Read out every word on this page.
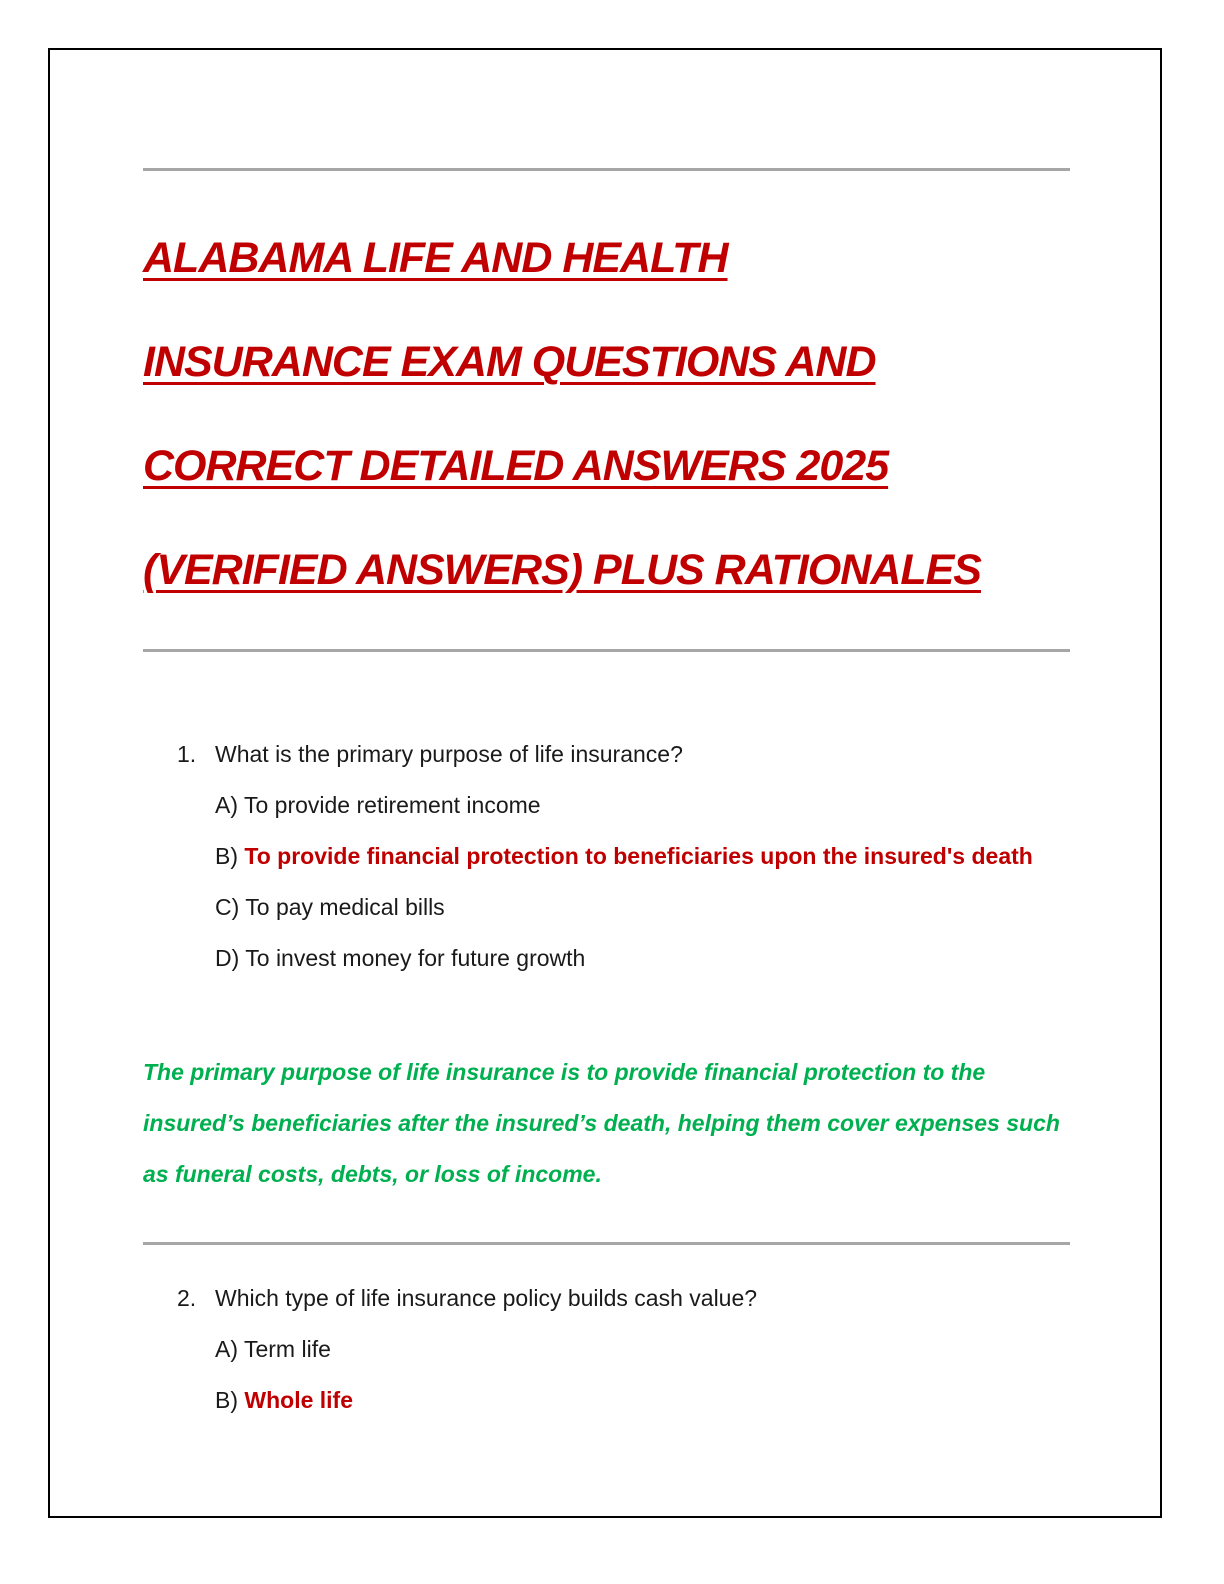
ALABAMA LIFE AND HEALTH
INSURANCE EXAM QUESTIONS AND
CORRECT DETAILED ANSWERS 2025
(VERIFIED ANSWERS) PLUS RATIONALES
1. What is the primary purpose of life insurance?
A) To provide retirement income
B) To provide financial protection to beneficiaries upon the insured's death
C) To pay medical bills
D) To invest money for future growth

The primary purpose of life insurance is to provide financial protection to the insured’s beneficiaries after the insured’s death, helping them cover expenses such as funeral costs, debts, or loss of income.

2. Which type of life insurance policy builds cash value?
A) Term life
B) Whole life
